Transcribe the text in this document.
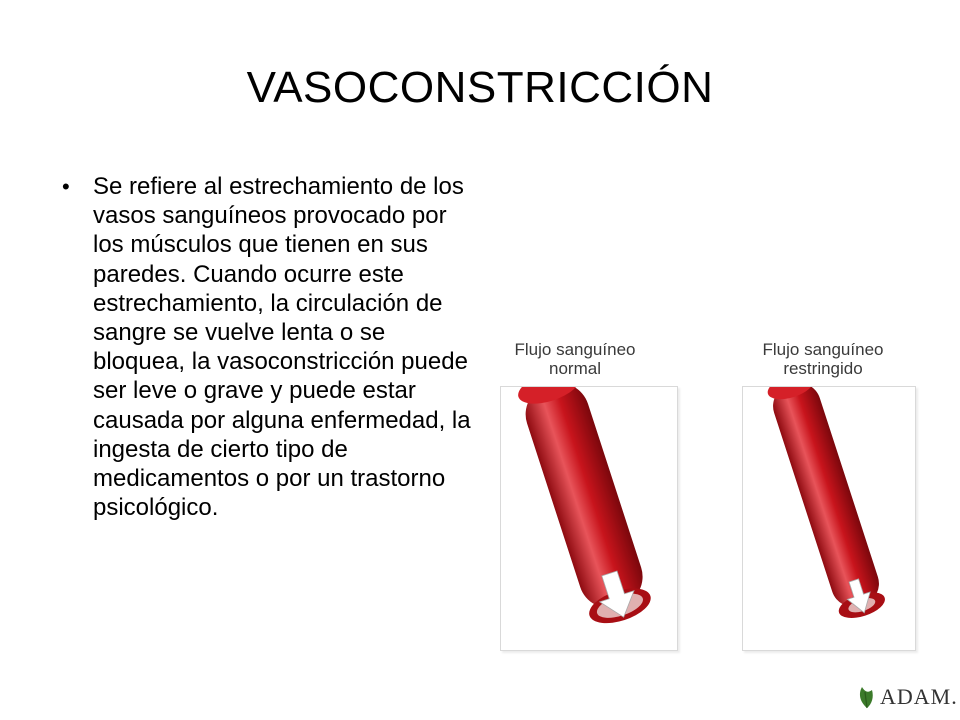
VASOCONSTRICCIÓN
• Se refiere al estrechamiento de los vasos sanguíneos provocado por los músculos que tienen en sus paredes. Cuando ocurre este estrechamiento, la circulación de sangre se vuelve lenta o se bloquea, la vasoconstricción puede ser leve o grave y puede estar causada por alguna enfermedad, la ingesta de cierto tipo de medicamentos o por un trastorno psicológico.
Flujo sanguíneo
normal
Flujo sanguíneo
restringido
ADAM.
